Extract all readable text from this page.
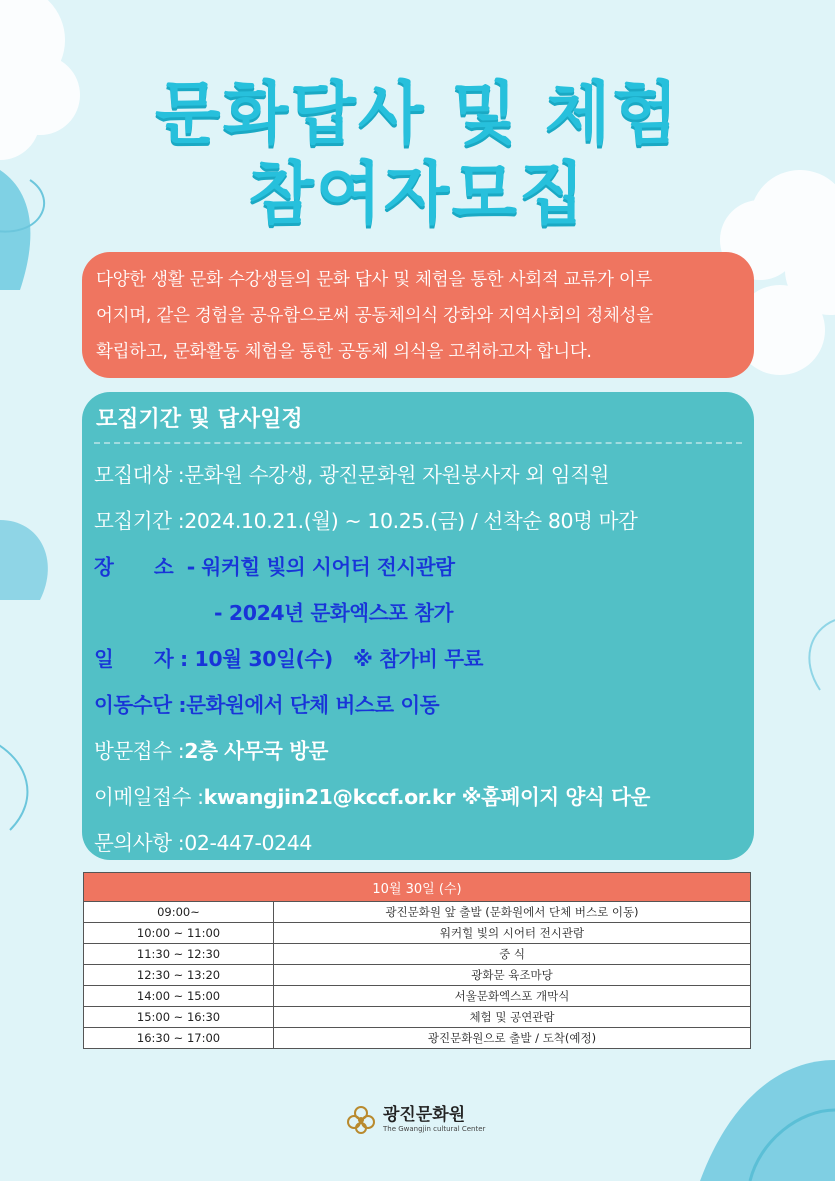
문화답사 및 체험
참여자모집
다양한 생활 문화 수강생들의 문화 답사 및 체험을 통한 사회적 교류가 이루
어지며, 같은 경험을 공유함으로써 공동체의식 강화와 지역사회의 정체성을
확립하고, 문화활동 체험을 통한 공동체 의식을 고취하고자 합니다.
모집기간 및 답사일정
모집대상 :문화원 수강생, 광진문화원 자원봉사자 외 임직원
모집기간 :2024.10.21.(월) ~ 10.25.(금) / 선착순 80명 마감
장      소  - 워커힐 빛의 시어터 전시관람
- 2024년 문화엑스포 참가
일      자 : 10월 30일(수)   ※ 참가비 무료
이동수단 :문화원에서 단체 버스로 이동
방문접수 :2층 사무국 방문
이메일접수 :kwangjin21@kccf.or.kr ※홈페이지 양식 다운
문의사항 :02-447-0244
10월 30일 (수)	
09:00~	광진문화원 앞 출발 (문화원에서 단체 버스로 이동)
10:00 ~ 11:00	워커힐 빛의 시어터 전시관람
11:30 ~ 12:30	중 식
12:30 ~ 13:20	광화문 육조마당
14:00 ~ 15:00	서울문화엑스포 개막식
15:00 ~ 16:30	체험 및 공연관람
16:30 ~ 17:00	광진문화원으로 출발 / 도착(예정)
광진문화원
The Gwangjin cultural Center
